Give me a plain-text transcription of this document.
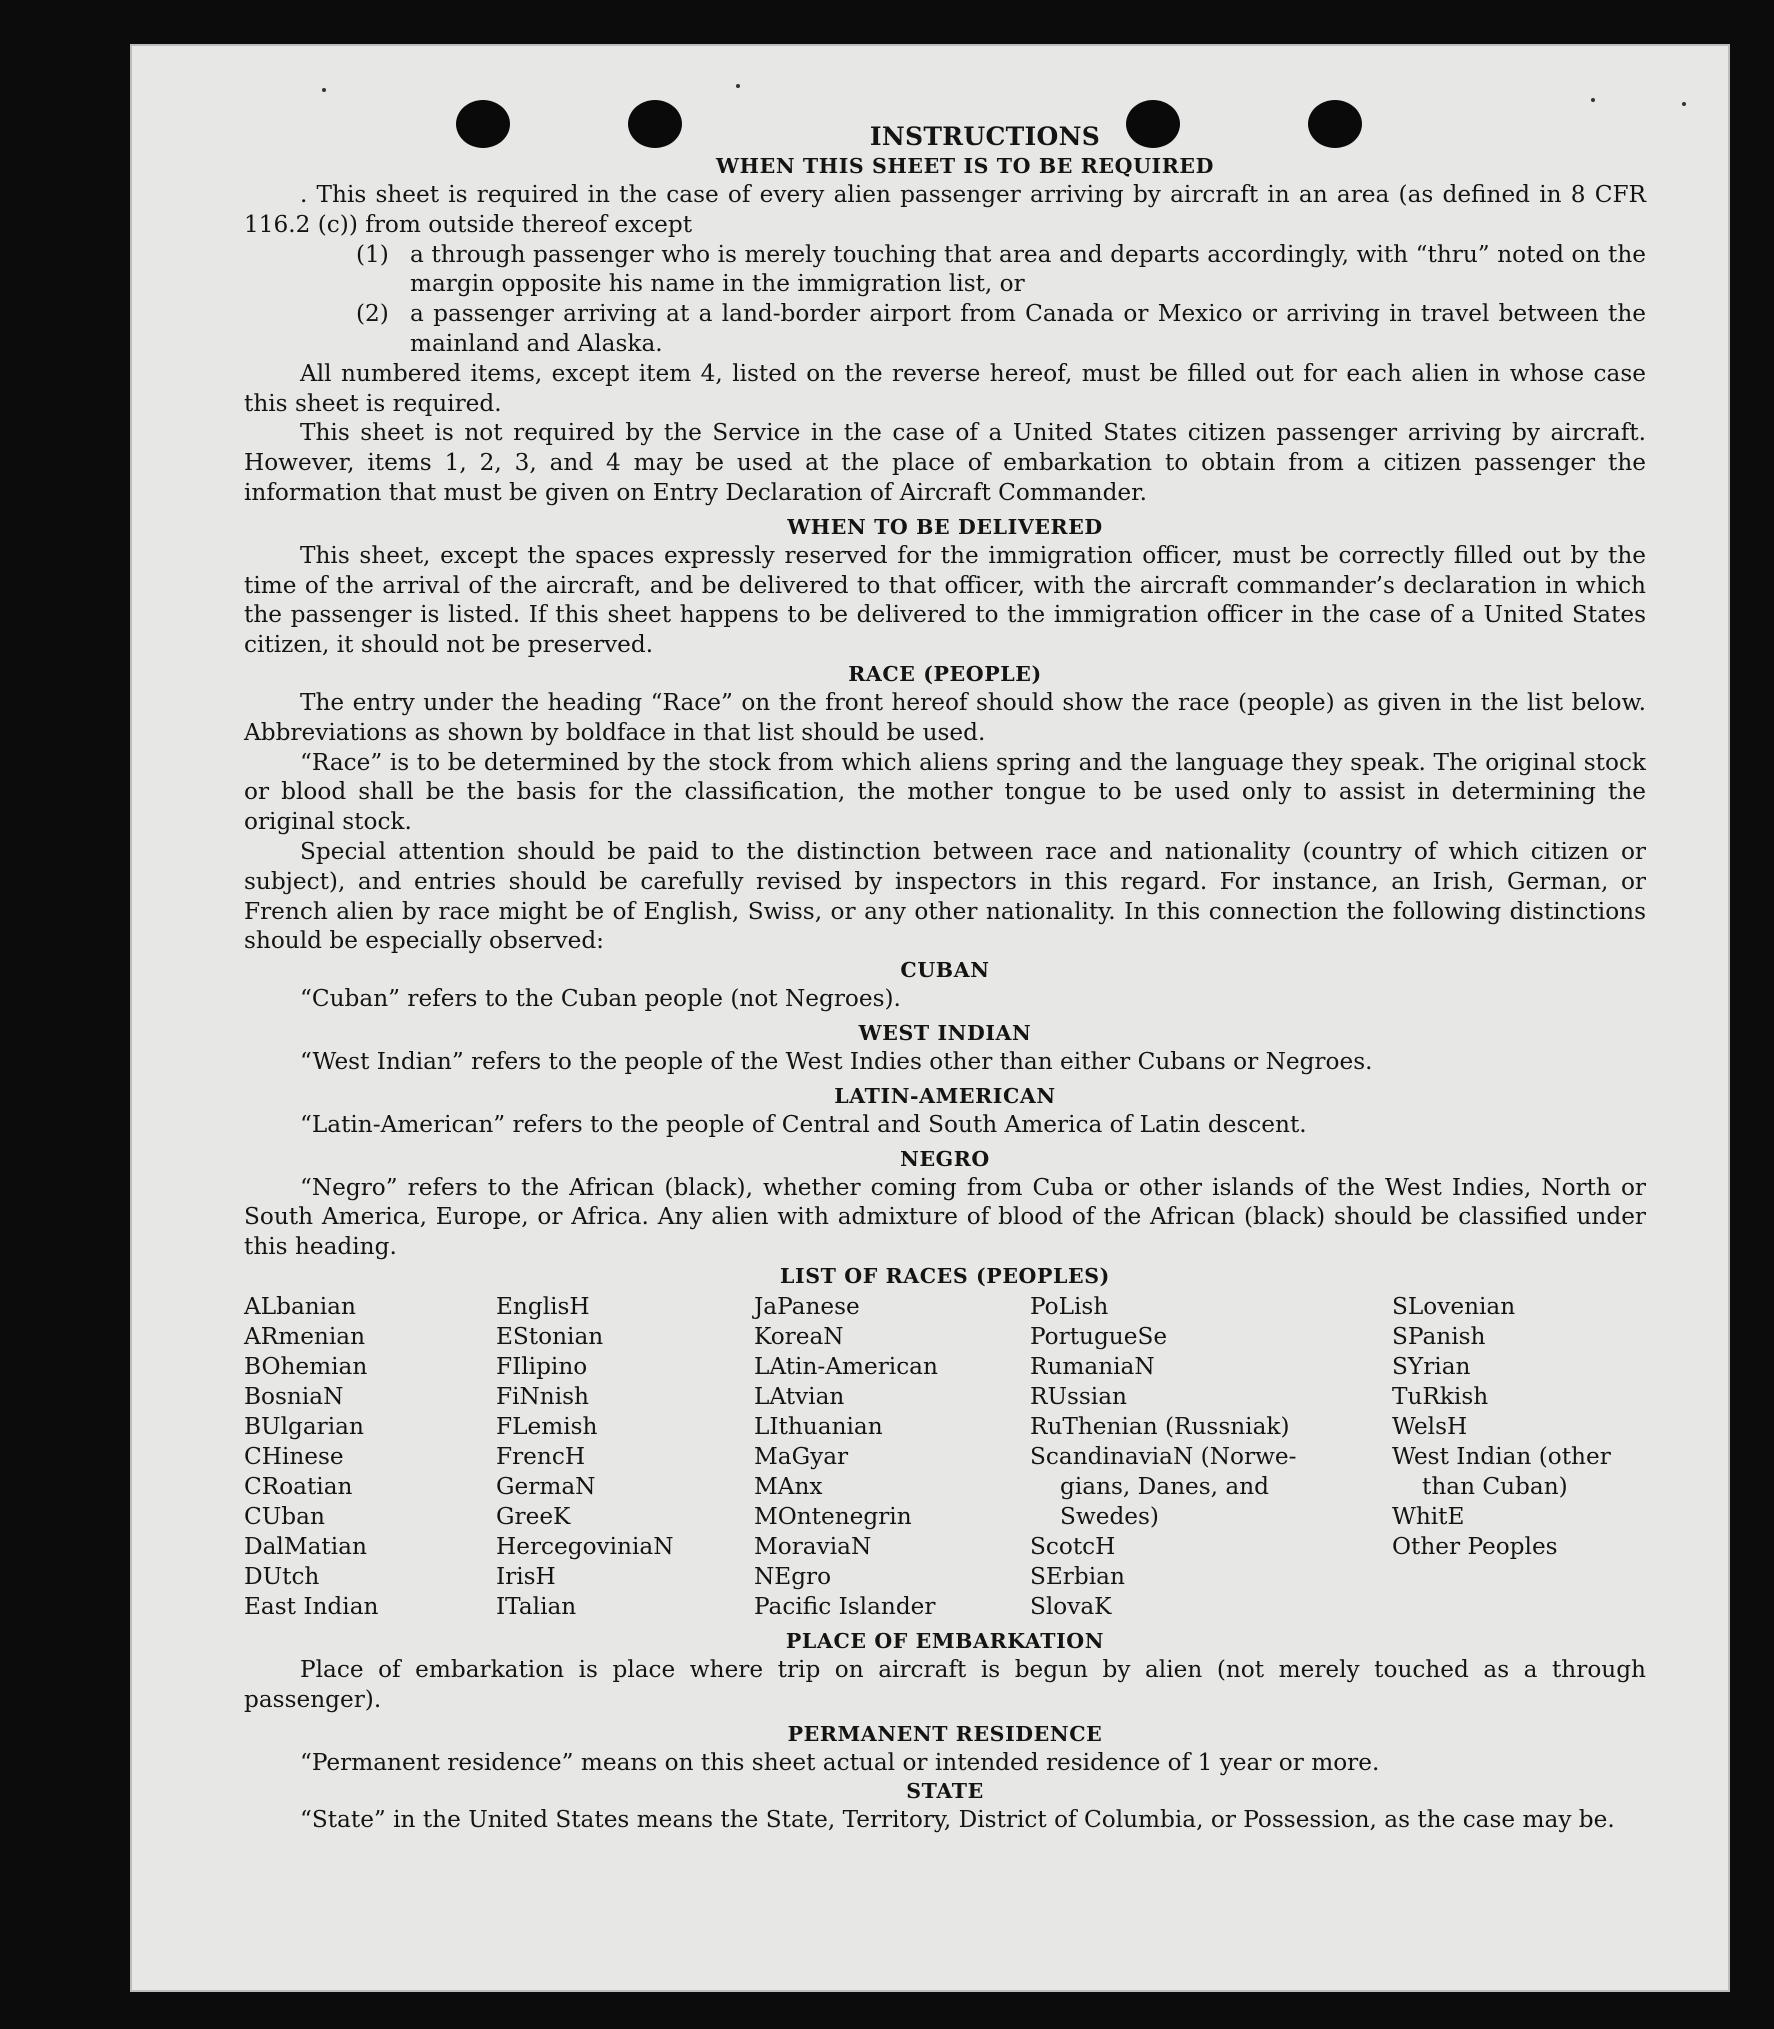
INSTRUCTIONS
WHEN THIS SHEET IS TO BE REQUIRED

. This sheet is required in the case of every alien passenger arriving by aircraft in an area (as defined in 8 CFR 116.2 (c)) from outside thereof except

(1) a through passenger who is merely touching that area and departs accordingly, with “thru” noted on the margin opposite his name in the immigration list, or
(2) a passenger arriving at a land-border airport from Canada or Mexico or arriving in travel between the mainland and Alaska.

All numbered items, except item 4, listed on the reverse hereof, must be filled out for each alien in whose case this sheet is required.

This sheet is not required by the Service in the case of a United States citizen passenger arriving by aircraft. However, items 1, 2, 3, and 4 may be used at the place of embarkation to obtain from a citizen passenger the information that must be given on Entry Declaration of Aircraft Commander.

WHEN TO BE DELIVERED

This sheet, except the spaces expressly reserved for the immigration officer, must be correctly filled out by the time of the arrival of the aircraft, and be delivered to that officer, with the aircraft commander’s declaration in which the passenger is listed. If this sheet happens to be delivered to the immigration officer in the case of a United States citizen, it should not be preserved.

RACE (PEOPLE)

The entry under the heading “Race” on the front hereof should show the race (people) as given in the list below. Abbreviations as shown by boldface in that list should be used.

“Race” is to be determined by the stock from which aliens spring and the language they speak. The original stock or blood shall be the basis for the classification, the mother tongue to be used only to assist in determining the original stock.

Special attention should be paid to the distinction between race and nationality (country of which citizen or subject), and entries should be carefully revised by inspectors in this regard. For instance, an Irish, German, or French alien by race might be of English, Swiss, or any other nationality. In this connection the following distinctions should be especially observed:

CUBAN

“Cuban” refers to the Cuban people (not Negroes).

WEST INDIAN

“West Indian” refers to the people of the West Indies other than either Cubans or Negroes.

LATIN-AMERICAN

“Latin-American” refers to the people of Central and South America of Latin descent.

NEGRO

“Negro” refers to the African (black), whether coming from Cuba or other islands of the West Indies, North or South America, Europe, or Africa. Any alien with admixture of blood of the African (black) should be classified under this heading.

LIST OF RACES (PEOPLES)
ALbanian
ARmenian
BOhemian
BosniaN
BUlgarian
CHinese
CRoatian
CUban
DalMatian
DUtch
East Indian
EnglisH
EStonian
FIlipino
FiNnish
FLemish
FrencH
GermaN
GreeK
HercegoviniaN
IrisH
ITalian
JaPanese
KoreaN
LAtin-American
LAtvian
LIthuanian
MaGyar
MAnx
MOntenegrin
MoraviaN
NEgro
Pacific Islander
PoLish
PortugueSe
RumaniaN
RUssian
RuThenian (Russniak)
ScandinaviaN (Norwe-
gians, Danes, and
Swedes)
ScotcH
SErbian
SlovaK
SLovenian
SPanish
SYrian
TuRkish
WelsH
West Indian (other
than Cuban)
WhitE
Other Peoples
PLACE OF EMBARKATION

Place of embarkation is place where trip on aircraft is begun by alien (not merely touched as a through passenger).

PERMANENT RESIDENCE

“Permanent residence” means on this sheet actual or intended residence of 1 year or more.

STATE

“State” in the United States means the State, Territory, District of Columbia, or Possession, as the case may be.
